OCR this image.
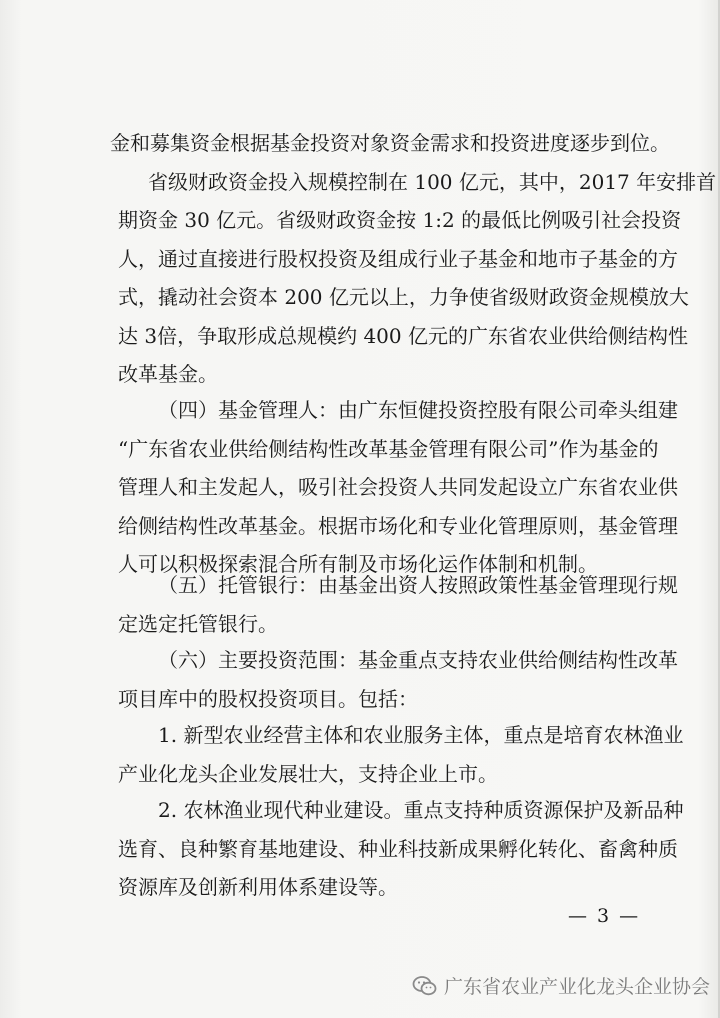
金和募集资金根据基金投资对象资金需求和投资进度逐步到位。
省级财政资金投入规模控制在 100 亿元，其中，2017 年安排首
期资金 30 亿元。省级财政资金按 1:2 的最低比例吸引社会投资
人，通过直接进行股权投资及组成行业子基金和地市子基金的方
式，撬动社会资本 200 亿元以上，力争使省级财政资金规模放大
达 3倍，争取形成总规模约 400 亿元的广东省农业供给侧结构性
改革基金。
（四）基金管理人：由广东恒健投资控股有限公司牵头组建
“广东省农业供给侧结构性改革基金管理有限公司”作为基金的
管理人和主发起人，吸引社会投资人共同发起设立广东省农业供
给侧结构性改革基金。根据市场化和专业化管理原则，基金管理
人可以积极探索混合所有制及市场化运作体制和机制。
（五）托管银行：由基金出资人按照政策性基金管理现行规
定选定托管银行。
（六）主要投资范围：基金重点支持农业供给侧结构性改革
项目库中的股权投资项目。包括：
1. 新型农业经营主体和农业服务主体，重点是培育农林渔业
产业化龙头企业发展壮大，支持企业上市。
2. 农林渔业现代种业建设。重点支持种质资源保护及新品种
选育、良种繁育基地建设、种业科技新成果孵化转化、畜禽种质
资源库及创新利用体系建设等。
— 3 —
广东省农业产业化龙头企业协会
